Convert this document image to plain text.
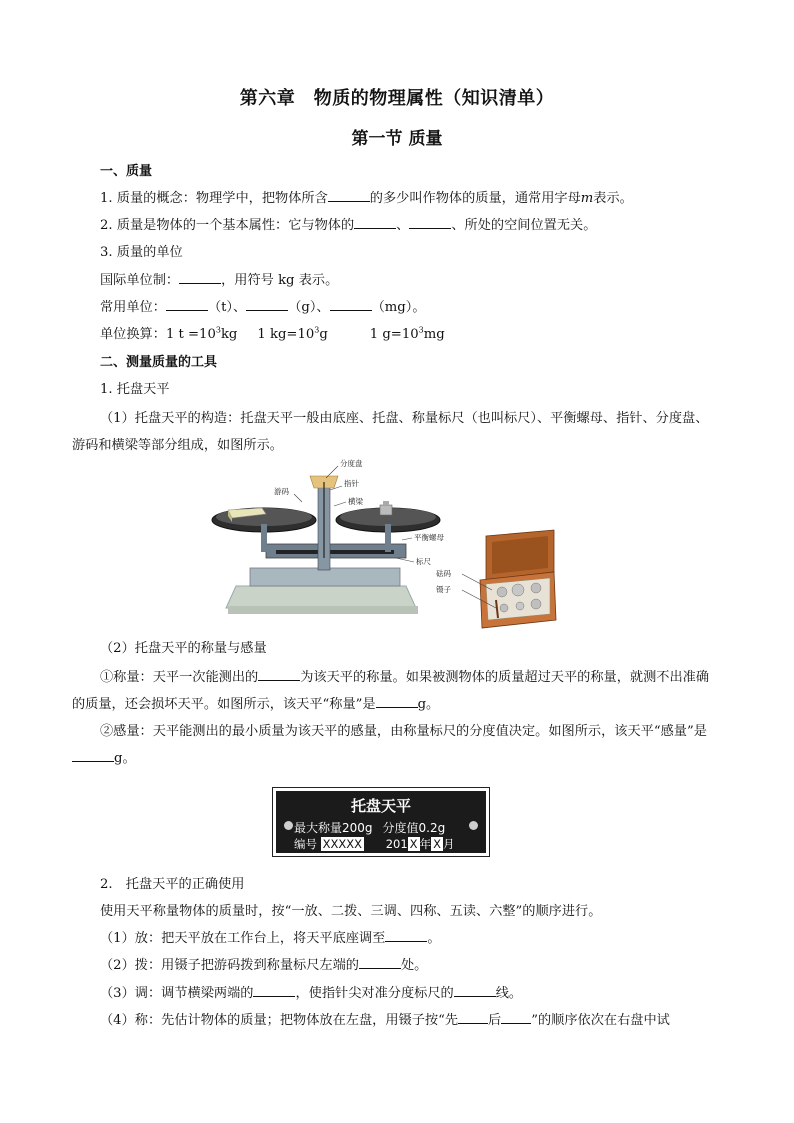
第六章　物质的物理属性（知识清单）
第一节 质量
一、质量
1. 质量的概念：物理学中，把物体所含	的多少叫作物体的质量，通常用字母m表示。
2. 质量是物体的一个基本属性：它与物体的	、	、所处的空间位置无关。
3. 质量的单位
国际单位制：	，用符号 kg 表示。
常用单位：	（t）、	（g）、	（mg）。
单位换算：1 $t =10^3kg$ 1 $kg=10^3g$	1 $g=10^3mg$
二、测量质量的工具
1. 托盘天平
（1）托盘天平的构造：托盘天平一般由底座、托盘、称量标尺（也叫标尺）、平衡螺母、指针、分度盘、游码和横梁等部分组成，如图所示。
分度盘
游码
指针
横梁
平衡螺母
标尺
砝码
镊子
（2）托盘天平的称量与感量
①称量：天平一次能测出的	为该天平的称量。如果被测物体的质量超过天平的称量，就测不出准确的质量，还会损坏天平。如图所示，该天平“称量”是	g。
②感量：天平能测出的最小质量为该天平的感量，由称量标尺的分度值决定。如图所示，该天平“感量”是g。
托盘天平
最大称量200g 分度值0.2g
编号 XXXXX 201 X 年 X 月
2.　托盘天平的正确使用
使用天平称量物体的质量时，按“一放、二拨、三调、四称、五读、六整”的顺序进行。
（1）放：把天平放在工作台上，将天平底座调至	。
（2）拨：用镊子把游码拨到称量标尺左端的	处。
（3）调：调节横梁两端的	，使指针尖对准分度标尺的	线。
（4）称：先估计物体的质量；把物体放在左盘，用镊子按“先 后 ”的顺序依次在右盘中试
